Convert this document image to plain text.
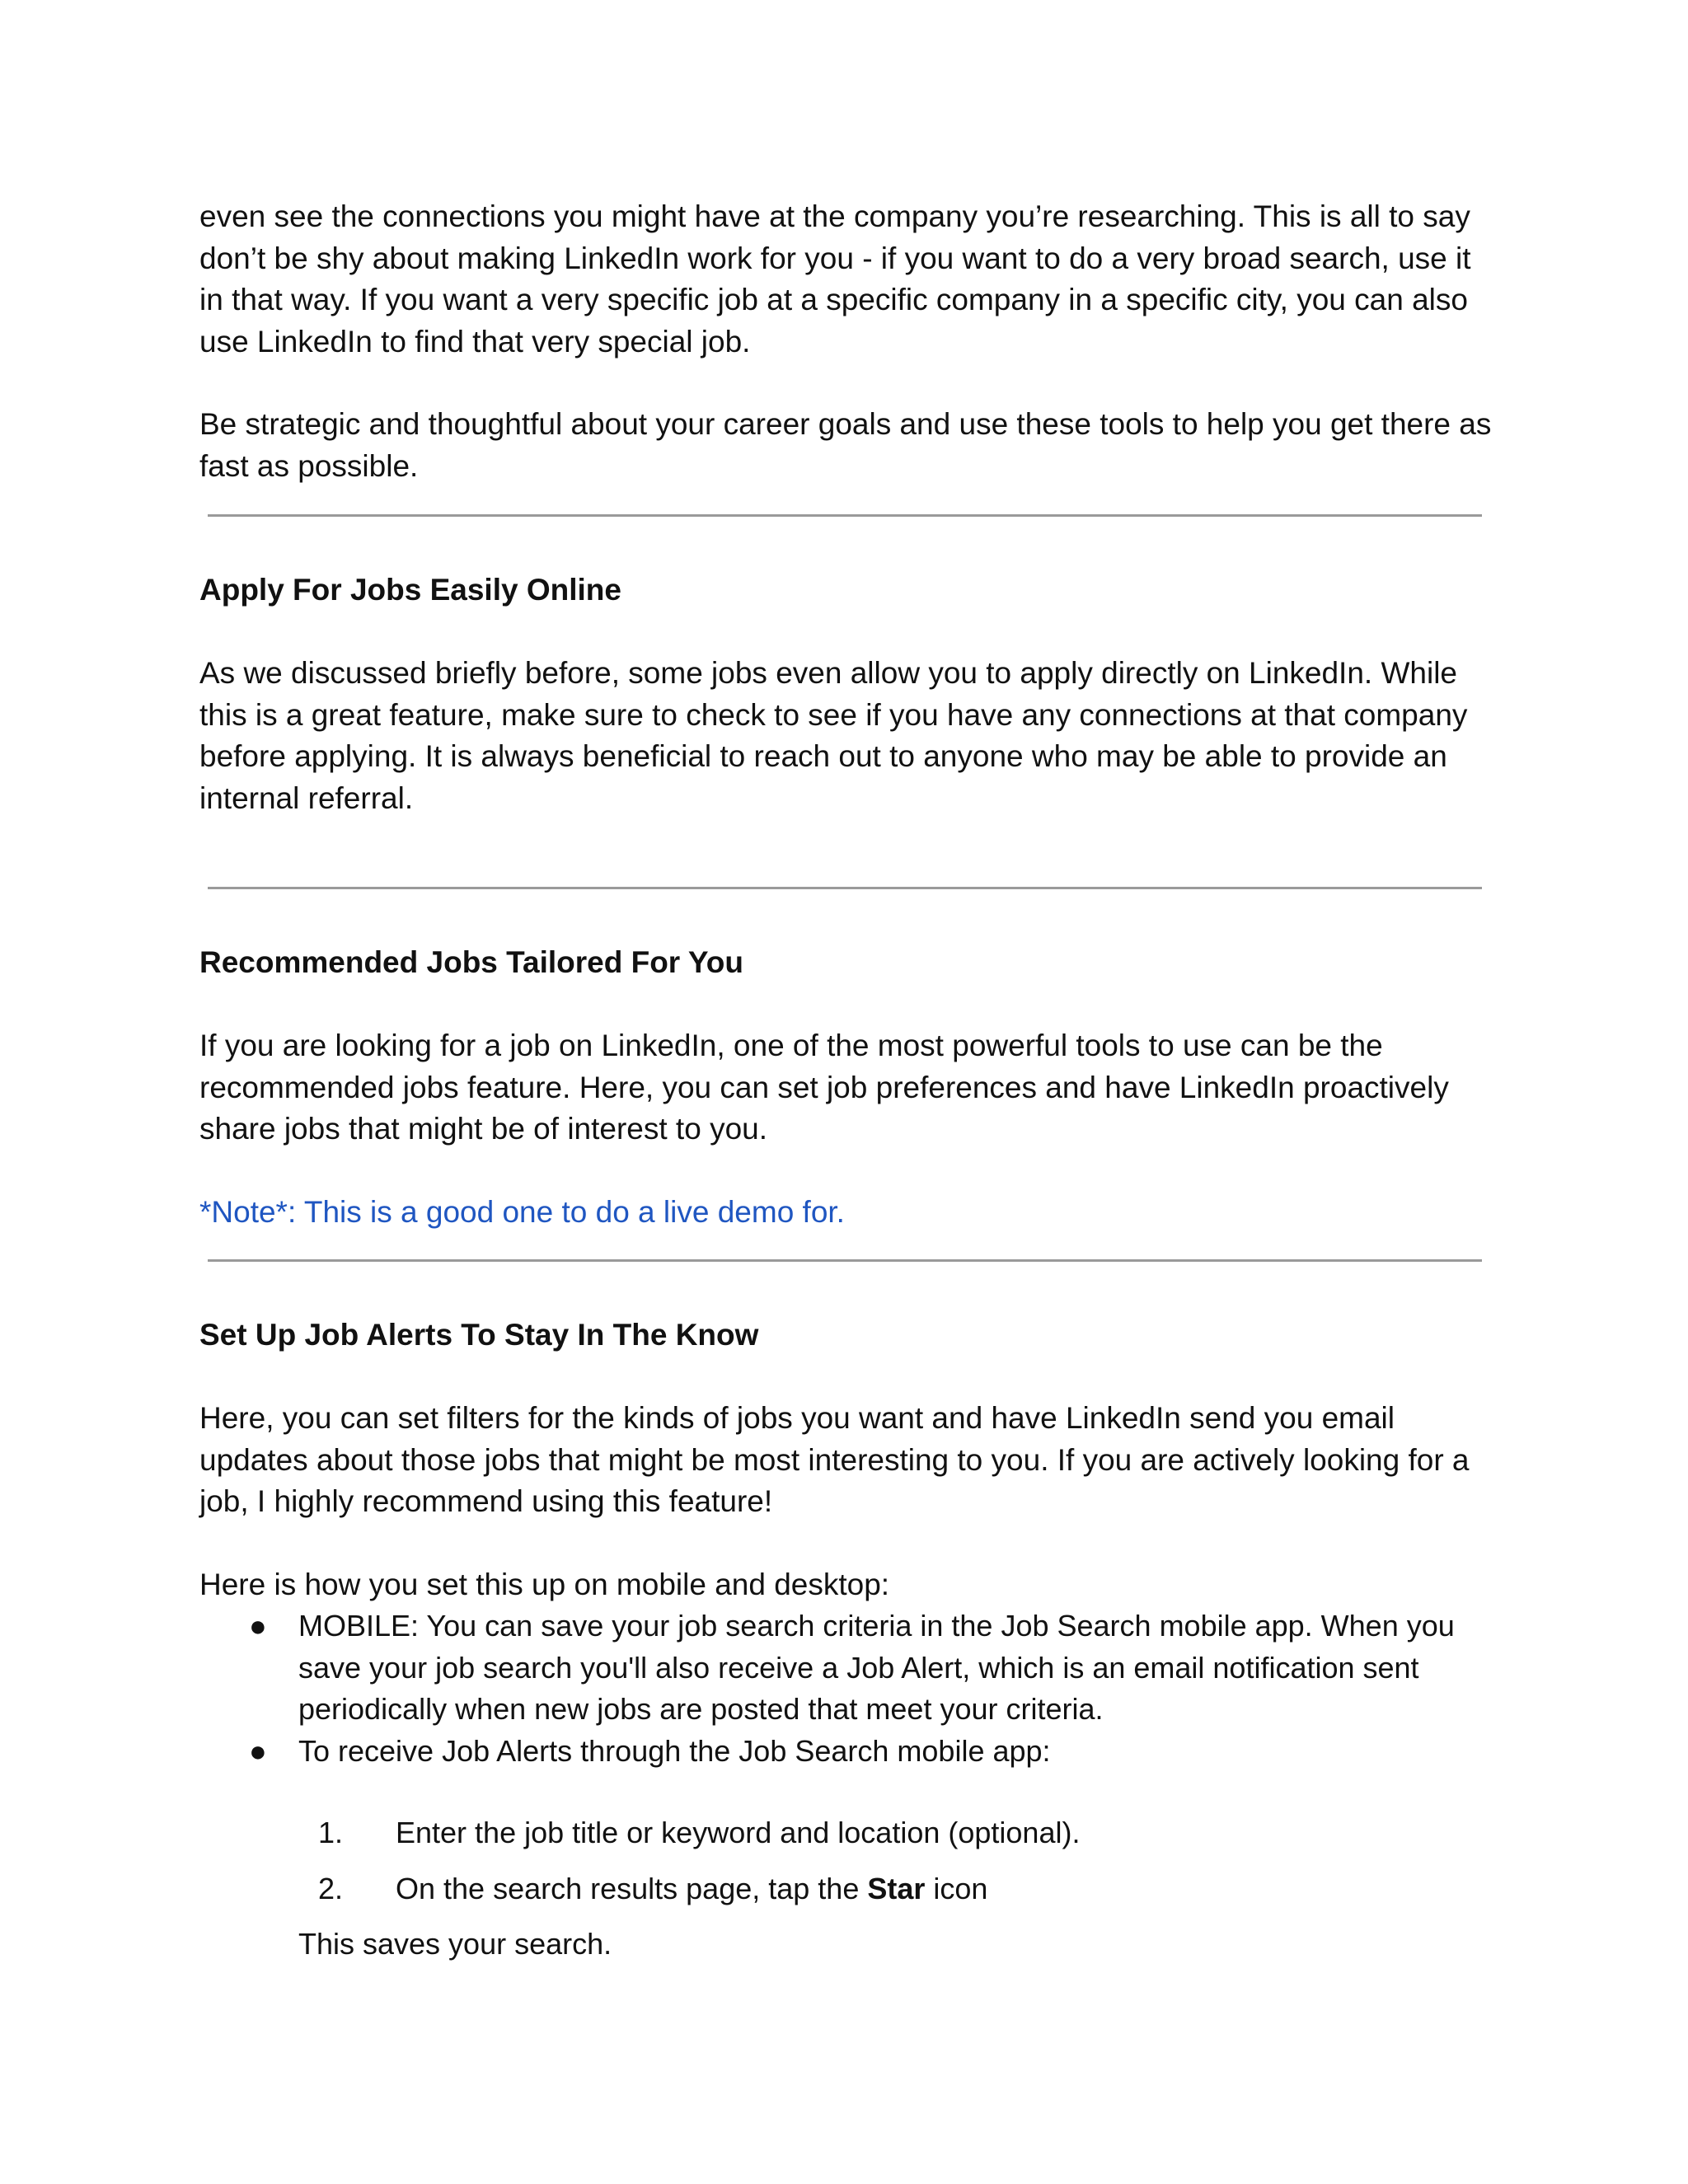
even see the connections you might have at the company you’re researching. This is all to say don’t be shy about making LinkedIn work for you - if you want to do a very broad search, use it in that way. If you want a very specific job at a specific company in a specific city, you can also use LinkedIn to find that very special job.

Be strategic and thoughtful about your career goals and use these tools to help you get there as fast as possible.

Apply For Jobs Easily Online

As we discussed briefly before, some jobs even allow you to apply directly on LinkedIn. While this is a great feature, make sure to check to see if you have any connections at that company before applying. It is always beneficial to reach out to anyone who may be able to provide an internal referral.

Recommended Jobs Tailored For You

If you are looking for a job on LinkedIn, one of the most powerful tools to use can be the recommended jobs feature. Here, you can set job preferences and have LinkedIn proactively share jobs that might be of interest to you.

*Note*: This is a good one to do a live demo for.
Set Up Job Alerts To Stay In The Know

Here, you can set filters for the kinds of jobs you want and have LinkedIn send you email updates about those jobs that might be most interesting to you. If you are actively looking for a job, I highly recommend using this feature!

Here is how you set this up on mobile and desktop:

● MOBILE: You can save your job search criteria in the Job Search mobile app. When you save your job search you'll also receive a Job Alert, which is an email notification sent periodically when new jobs are posted that meet your criteria.
● To receive Job Alerts through the Job Search mobile app:
1. Enter the job title or keyword and location (optional).
2. On the search results page, tap the Star icon
This saves your search.
